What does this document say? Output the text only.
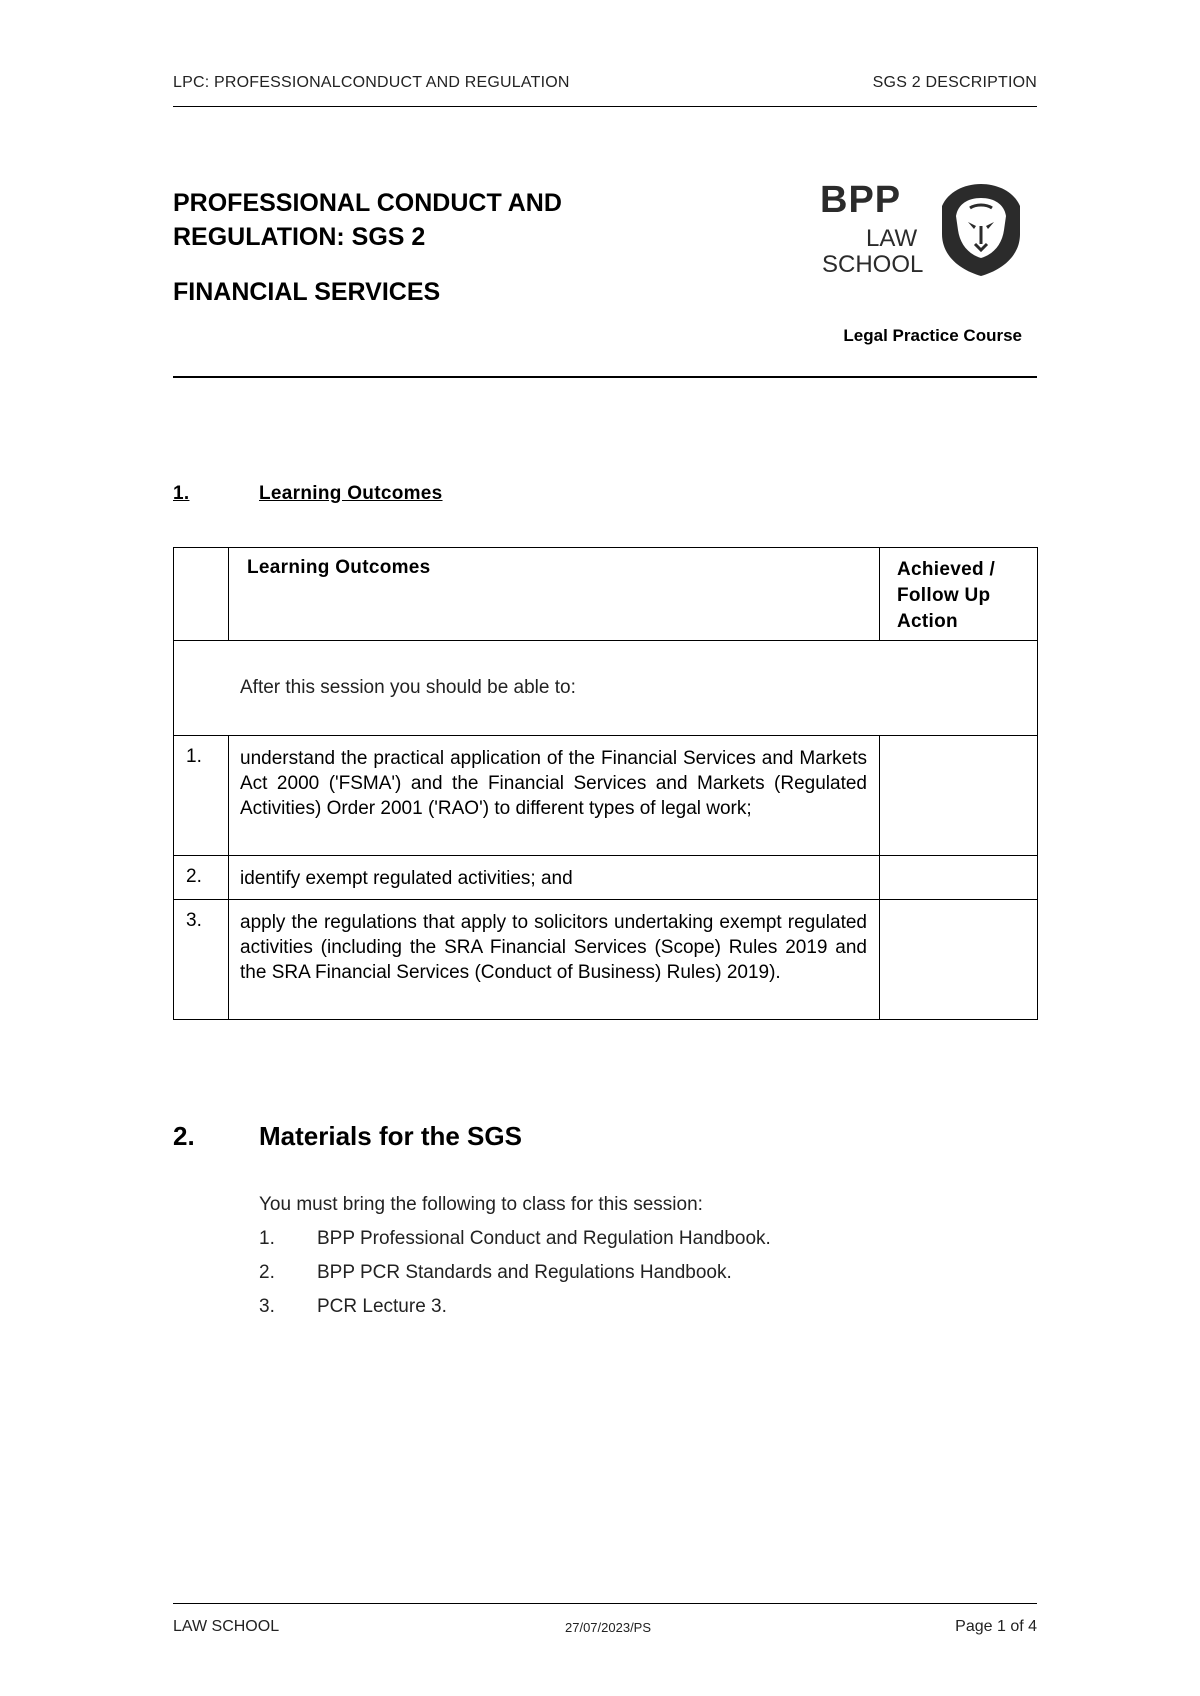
LPC: PROFESSIONALCONDUCT AND REGULATION	SGS 2 DESCRIPTION
PROFESSIONAL CONDUCT AND
REGULATION: SGS 2
FINANCIAL SERVICES
BPP
LAW
SCHOOL
Legal Practice Course
1.	Learning Outcomes

	Learning Outcomes	Achieved /
Follow Up
Action

After this session you should be able to:		

1.	understand the practical application of the Financial Services and Markets Act 2000 ('FSMA') and the Financial Services and Markets (Regulated Activities) Order 2001 ('RAO') to different types of legal work;	

2.	identify exempt regulated activities; and	

3.	apply the regulations that apply to solicitors undertaking exempt regulated activities (including the SRA Financial Services (Scope) Rules 2019 and the SRA Financial Services (Conduct of Business) Rules) 2019).	

2. Materials for the SGS
You must bring the following to class for this session:
1.	BPP Professional Conduct and Regulation Handbook.
2.	BPP PCR Standards and Regulations Handbook.
3.	PCR Lecture 3.
LAW SCHOOL	27/07/2023/PS	Page 1 of 4
